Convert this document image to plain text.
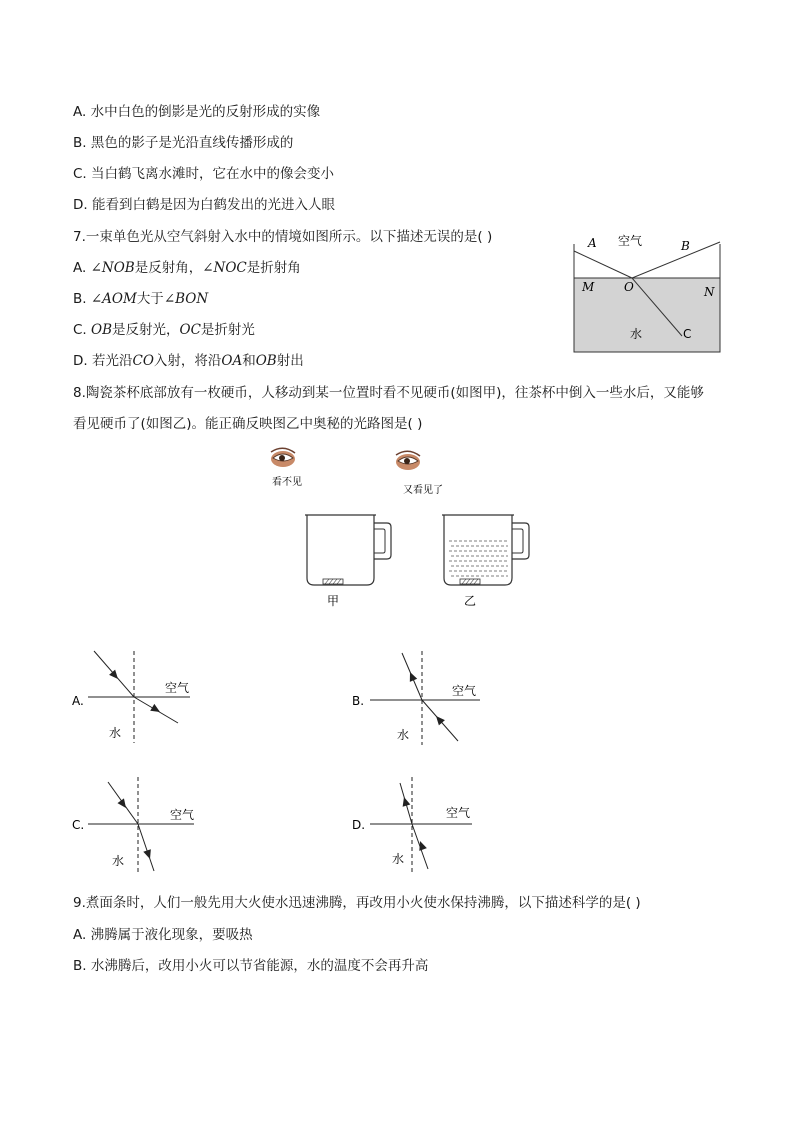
A. 水中白色的倒影是光的反射形成的实像
B. 黑色的影子是光沿直线传播形成的
C. 当白鹤飞离水滩时，它在水中的像会变小
D. 能看到白鹤是因为白鹤发出的光进入人眼
7.一束单色光从空气斜射入水中的情境如图所示。以下描述无误的是( )
A. ∠NOB是反射角，∠NOC是折射角
B. ∠AOM大于∠BON
C. OB是反射光，OC是折射光
D. 若光沿CO入射，将沿OA和OB射出
A 空气	B
M O	N
水	C
8.陶瓷茶杯底部放有一枚硬币，人移动到某一位置时看不见硬币(如图甲)，往茶杯中倒入一些水后，又能够
看见硬币了(如图乙)。能正确反映图乙中奥秘的光路图是( )
看不见
又看见了
甲	乙
A.
空气
水
B.
空气
水
C.
空气
水
D.
空气
水
9.煮面条时，人们一般先用大火使水迅速沸腾，再改用小火使水保持沸腾，以下描述科学的是( )
A. 沸腾属于液化现象，要吸热
B. 水沸腾后，改用小火可以节省能源，水的温度不会再升高
